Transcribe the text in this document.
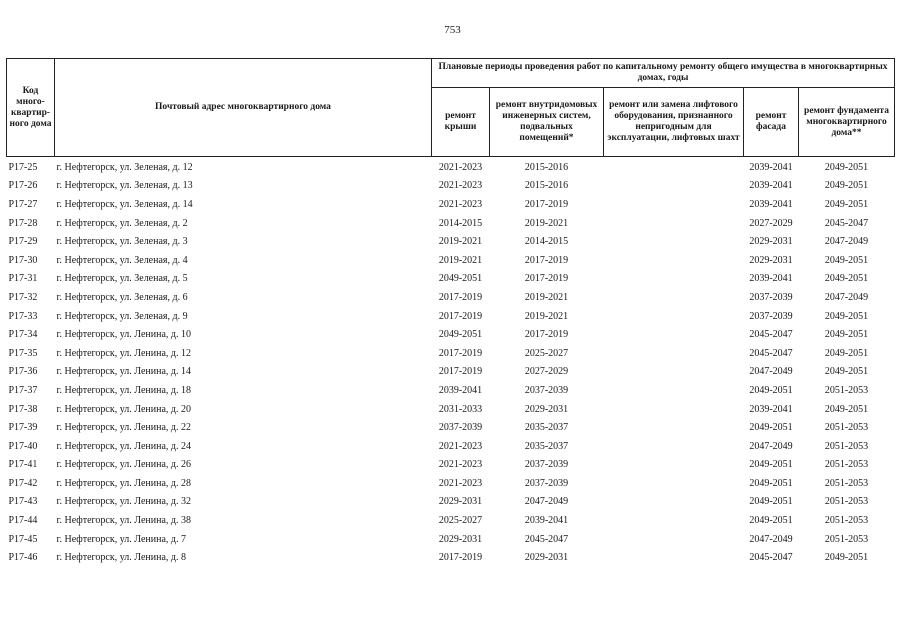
753
Код много-квартир-ного дома	Почтовый адрес многоквартирного дома	Плановые периоды проведения работ по капитальному ремонту общего имущества в многоквартирных домах, годы				
		ремонт крыши	ремонт внутридомовых инженерных систем, подвальных помещений*	ремонт или замена лифтового оборудования, признанного непригодным для эксплуатации, лифтовых шахт	ремонт фасада	ремонт фундамента многоквартирного дома**
Р17-25	г. Нефтегорск, ул. Зеленая, д. 12	2021-2023	2015-2016		2039-2041	2049-2051
Р17-26	г. Нефтегорск, ул. Зеленая, д. 13	2021-2023	2015-2016		2039-2041	2049-2051
Р17-27	г. Нефтегорск, ул. Зеленая, д. 14	2021-2023	2017-2019		2039-2041	2049-2051
Р17-28	г. Нефтегорск, ул. Зеленая, д. 2	2014-2015	2019-2021		2027-2029	2045-2047
Р17-29	г. Нефтегорск, ул. Зеленая, д. 3	2019-2021	2014-2015		2029-2031	2047-2049
Р17-30	г. Нефтегорск, ул. Зеленая, д. 4	2019-2021	2017-2019		2029-2031	2049-2051
Р17-31	г. Нефтегорск, ул. Зеленая, д. 5	2049-2051	2017-2019		2039-2041	2049-2051
Р17-32	г. Нефтегорск, ул. Зеленая, д. 6	2017-2019	2019-2021		2037-2039	2047-2049
Р17-33	г. Нефтегорск, ул. Зеленая, д. 9	2017-2019	2019-2021		2037-2039	2049-2051
Р17-34	г. Нефтегорск, ул. Ленина, д. 10	2049-2051	2017-2019		2045-2047	2049-2051
Р17-35	г. Нефтегорск, ул. Ленина, д. 12	2017-2019	2025-2027		2045-2047	2049-2051
Р17-36	г. Нефтегорск, ул. Ленина, д. 14	2017-2019	2027-2029		2047-2049	2049-2051
Р17-37	г. Нефтегорск, ул. Ленина, д. 18	2039-2041	2037-2039		2049-2051	2051-2053
Р17-38	г. Нефтегорск, ул. Ленина, д. 20	2031-2033	2029-2031		2039-2041	2049-2051
Р17-39	г. Нефтегорск, ул. Ленина, д. 22	2037-2039	2035-2037		2049-2051	2051-2053
Р17-40	г. Нефтегорск, ул. Ленина, д. 24	2021-2023	2035-2037		2047-2049	2051-2053
Р17-41	г. Нефтегорск, ул. Ленина, д. 26	2021-2023	2037-2039		2049-2051	2051-2053
Р17-42	г. Нефтегорск, ул. Ленина, д. 28	2021-2023	2037-2039		2049-2051	2051-2053
Р17-43	г. Нефтегорск, ул. Ленина, д. 32	2029-2031	2047-2049		2049-2051	2051-2053
Р17-44	г. Нефтегорск, ул. Ленина, д. 38	2025-2027	2039-2041		2049-2051	2051-2053
Р17-45	г. Нефтегорск, ул. Ленина, д. 7	2029-2031	2045-2047		2047-2049	2051-2053
Р17-46	г. Нефтегорск, ул. Ленина, д. 8	2017-2019	2029-2031		2045-2047	2049-2051
